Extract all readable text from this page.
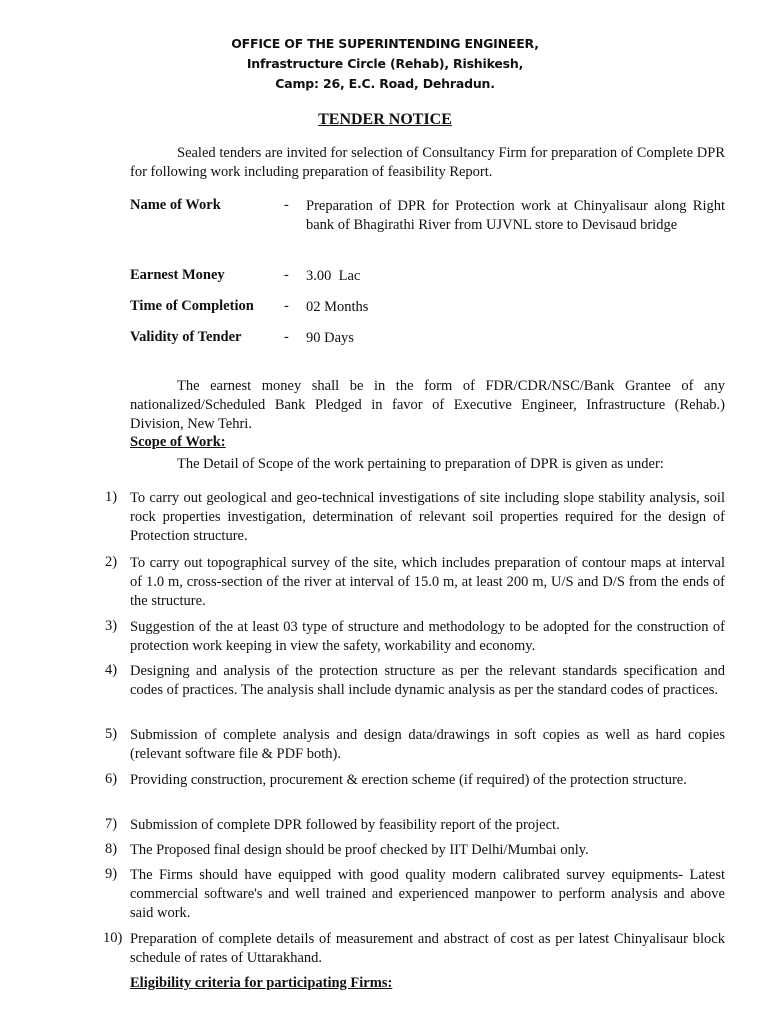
OFFICE OF THE SUPERINTENDING ENGINEER,
Infrastructure Circle (Rehab), Rishikesh,
Camp: 26, E.C. Road, Dehradun.
TENDER NOTICE
Sealed tenders are invited for selection of Consultancy Firm for preparation of Complete DPR for following work including preparation of feasibility Report.
Name of Work	- Preparation of DPR for Protection work at Chinyalisaur along Right bank of Bhagirathi River from UJVNL store to Devisaud bridge
Earnest Money	- 3.00  Lac
Time of Completion - 02 Months
Validity of Tender	- 90 Days
The earnest money shall be in the form of FDR/CDR/NSC/Bank Grantee of any nationalized/Scheduled Bank Pledged in favor of Executive Engineer, Infrastructure (Rehab.) Division, New Tehri.
Scope of Work:
The Detail of Scope of the work pertaining to preparation of DPR is given as under:
1) To carry out geological and geo-technical investigations of site including slope stability analysis, soil rock properties investigation, determination of relevant soil properties required for the design of Protection structure.
2) To carry out topographical survey of the site, which includes preparation of contour maps at interval of 1.0 m, cross-section of the river at interval of 15.0 m, at least 200 m, U/S and D/S from the ends of the structure.
3) Suggestion of the at least 03 type of structure and methodology to be adopted for the construction of protection work keeping in view the safety, workability and economy.
4) Designing and analysis of the protection structure as per the relevant standards specification and codes of practices. The analysis shall include dynamic analysis as per the standard codes of practices.
5) Submission of complete analysis and design data/drawings in soft copies as well as hard copies (relevant software file & PDF both).
6) Providing construction, procurement & erection scheme (if required) of the protection structure.
7) Submission of complete DPR followed by feasibility report of the project.
8) The Proposed final design should be proof checked by IIT Delhi/Mumbai only.
9) The Firms should have equipped with good quality modern calibrated survey equipments- Latest commercial software's and well trained and experienced manpower to perform analysis and above said work.
10) Preparation of complete details of measurement and abstract of cost as per latest Chinyalisaur block schedule of rates of Uttarakhand.
Eligibility criteria for participating Firms:
